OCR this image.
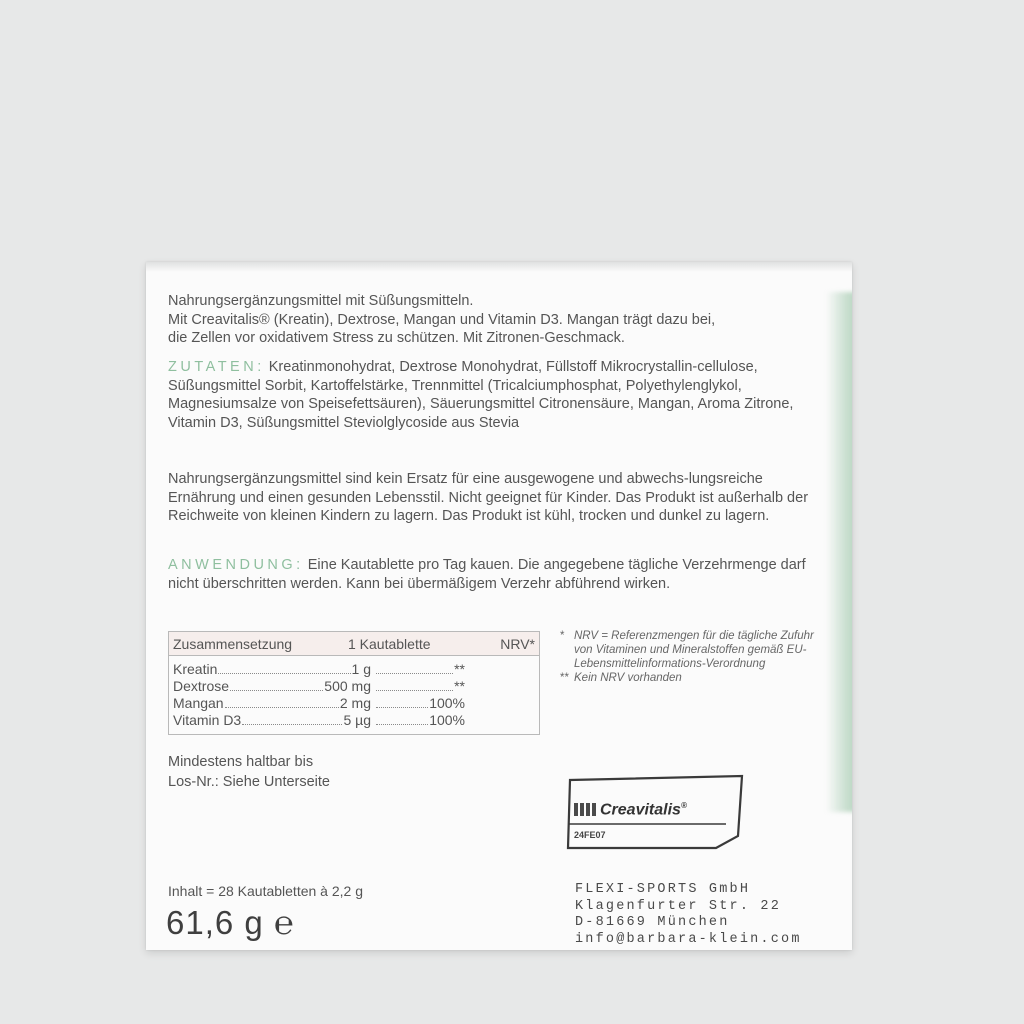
Nahrungsergänzungsmittel mit Süßungsmitteln.
Mit Creavitalis® (Kreatin), Dextrose, Mangan und Vitamin D3. Mangan trägt dazu bei,
die Zellen vor oxidativem Stress zu schützen. Mit Zitronen-Geschmack.
ZUTATEN: Kreatinmonohydrat, Dextrose Monohydrat, Füllstoff Mikrocrystallin-cellulose, Süßungsmittel Sorbit, Kartoffelstärke, Trennmittel (Tricalciumphosphat, Polyethylenglykol, Magnesiumsalze von Speisefettsäuren), Säuerungsmittel Citronensäure, Mangan, Aroma Zitrone, Vitamin D3, Süßungsmittel Steviolglycoside aus Stevia
Nahrungsergänzungsmittel sind kein Ersatz für eine ausgewogene und abwechs-lungsreiche Ernährung und einen gesunden Lebensstil. Nicht geeignet für Kinder. Das Produkt ist außerhalb der Reichweite von kleinen Kindern zu lagern. Das Produkt ist kühl, trocken und dunkel zu lagern.
ANWENDUNG: Eine Kautablette pro Tag kauen. Die angegebene tägliche Verzehrmenge darf nicht überschritten werden. Kann bei übermäßigem Verzehr abführend wirken.
Zusammensetzung	1 Kautablette	NRV*
Kreatin	1 g	**
Dextrose	500 mg	**
Mangan	2 mg	100%
Vitamin D3	5 µg	100%
* NRV = Referenzmengen für die tägliche Zufuhr von Vitaminen und Mineralstoffen gemäß EU-Lebensmittelinformations-Verordnung
** Kein NRV vorhanden
Mindestens haltbar bis
Los-Nr.: Siehe Unterseite
Creavitalis®
24FE07
Inhalt = 28 Kautabletten à 2,2 g
61,6 g ℮
FLEXI-SPORTS GmbH
Klagenfurter Str. 22
D-81669 München
info@barbara-klein.com
